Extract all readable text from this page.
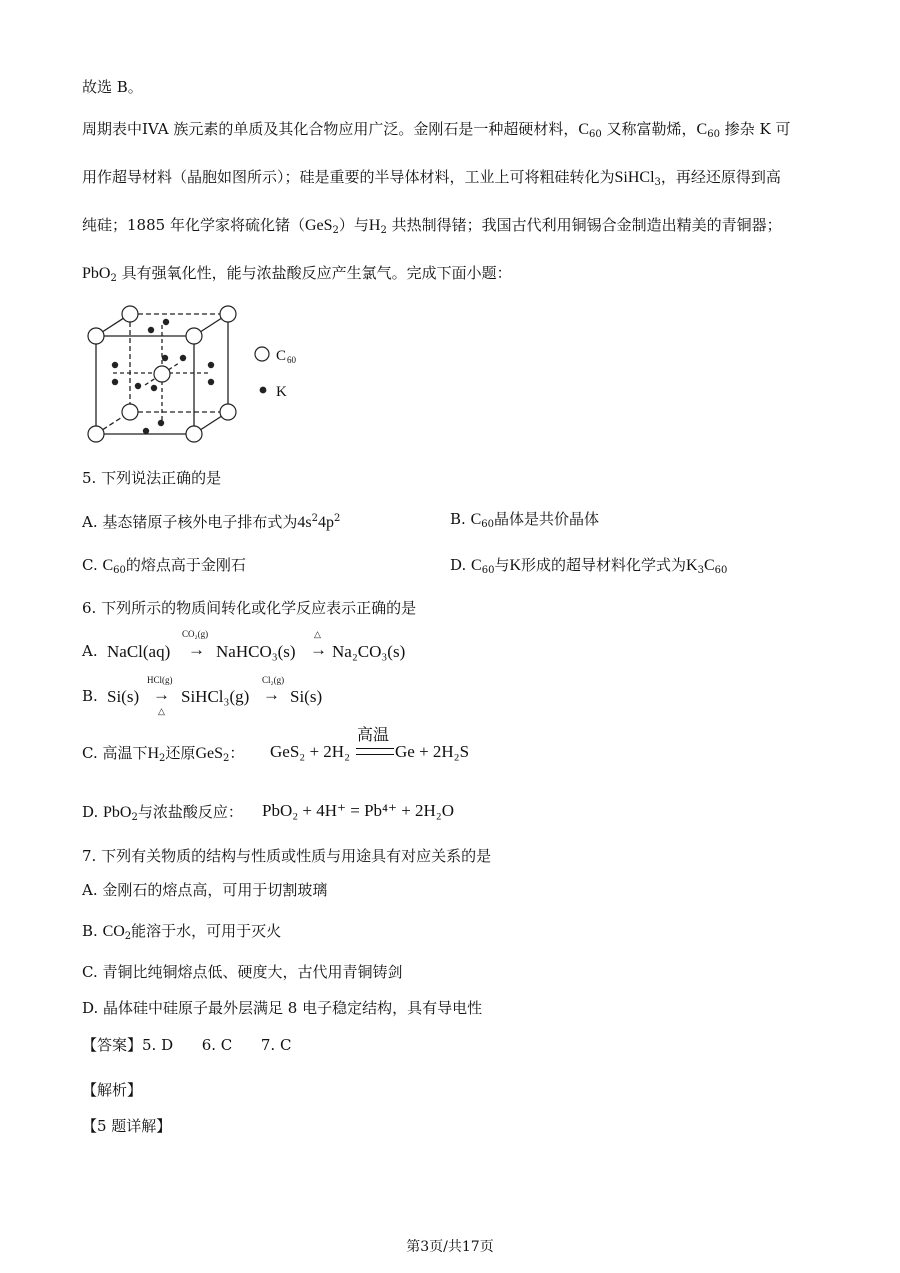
故选 B。
周期表中IVA 族元素的单质及其化合物应用广泛。金刚石是一种超硬材料，$C_{60}$ 又称富勒烯，$C_{60}$ 掺杂 K 可
用作超导材料（晶胞如图所示）；硅是重要的半导体材料，工业上可将粗硅转化为SiHCl$_3$，再经还原得到高
纯硅；1885 年化学家将硫化锗（GeS$_2$）与$H_2$ 共热制得锗；我国古代利用铜锡合金制造出精美的青铜器；
PbO$_2$ 具有强氧化性，能与浓盐酸反应产生氯气。完成下面小题：
C 60
K
5. 下列说法正确的是
A. 基态锗原子核外电子排布式为$4s^24p^2$	B. $C_{60}$晶体是共价晶体
C. $C_{60}$的熔点高于金刚石	D. $C_{60}$与K形成的超导材料化学式为$K_3C_{60}$
6. 下列所示的物质间转化或化学反应表示正确的是
A. NaCl(aq)
CO₂(g)
→ NaHCO₃(s)
△
→ Na₂CO₃(s)
B. Si(s)
HCl(g)
→
△
SiHCl₃(g)
Cl₂(g)
→ Si(s)
C. 高温下$H_2$还原GeS$_2$： GeS₂ + 2H₂
高温
Ge + 2H₂S
D. PbO$_2$与浓盐酸反应： PbO₂ + 4H⁺ = Pb⁴⁺ + 2H₂O
7. 下列有关物质的结构与性质或性质与用途具有对应关系的是
A. 金刚石的熔点高，可用于切割玻璃
B. $CO_2$能溶于水，可用于灭火
C. 青铜比纯铜熔点低、硬度大，古代用青铜铸剑
D. 晶体硅中硅原子最外层满足 8 电子稳定结构，具有导电性
【答案】5. D      6. C      7. C
【解析】
【5 题详解】
第3页/共17页
